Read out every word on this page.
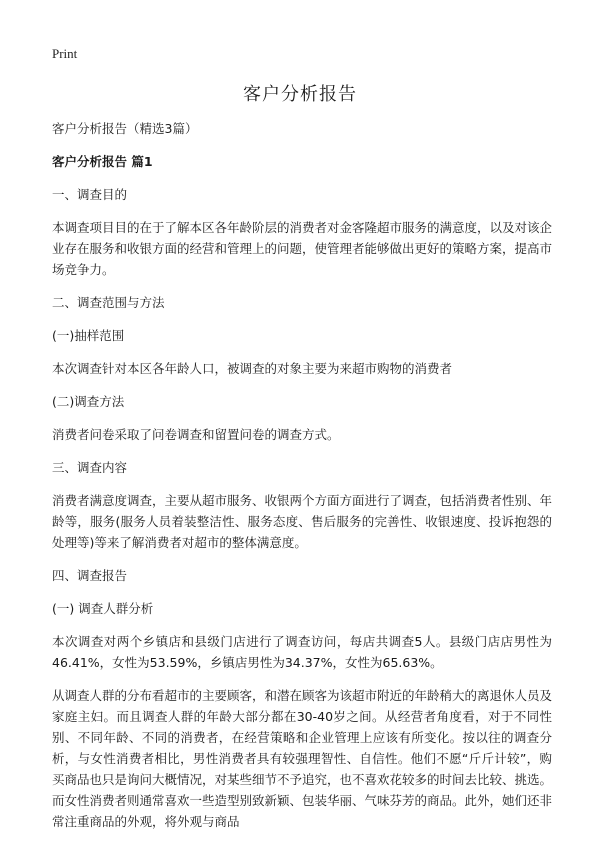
Print
客户分析报告

客户分析报告（精选3篇）

客户分析报告 篇1

一、调查目的

本调查项目目的在于了解本区各年龄阶层的消费者对金客隆超市服务的满意度，以及对该企业存在服务和收银方面的经营和管理上的问题，使管理者能够做出更好的策略方案，提高市场竞争力。

二、调查范围与方法

(一)抽样范围

本次调查针对本区各年龄人口，被调查的对象主要为来超市购物的消费者

(二)调查方法

消费者问卷采取了问卷调查和留置问卷的调查方式。

三、调查内容

消费者满意度调查，主要从超市服务、收银两个方面方面进行了调查，包括消费者性别、年龄等，服务(服务人员着装整洁性、服务态度、售后服务的完善性、收银速度、投诉抱怨的处理等)等来了解消费者对超市的整体满意度。

四、调查报告

(一) 调查人群分析

本次调查对两个乡镇店和县级门店进行了调查访问，每店共调查5人。县级门店店男性为46.41%，女性为53.59%，乡镇店男性为34.37%，女性为65.63%。

从调查人群的分布看超市的主要顾客，和潜在顾客为该超市附近的年龄稍大的离退休人员及家庭主妇。而且调查人群的年龄大部分都在30-40岁之间。从经营者角度看，对于不同性别、不同年龄、不同的消费者，在经营策略和企业管理上应该有所变化。按以往的调查分析，与女性消费者相比，男性消费者具有较强理智性、自信性。他们不愿“斤斤计较”，购买商品也只是询问大概情况，对某些细节不予追究，也不喜欢花较多的时间去比较、挑选。而女性消费者则通常喜欢一些造型别致新颖、包装华丽、气味芬芳的商品。此外，她们还非常注重商品的外观，将外观与商品
